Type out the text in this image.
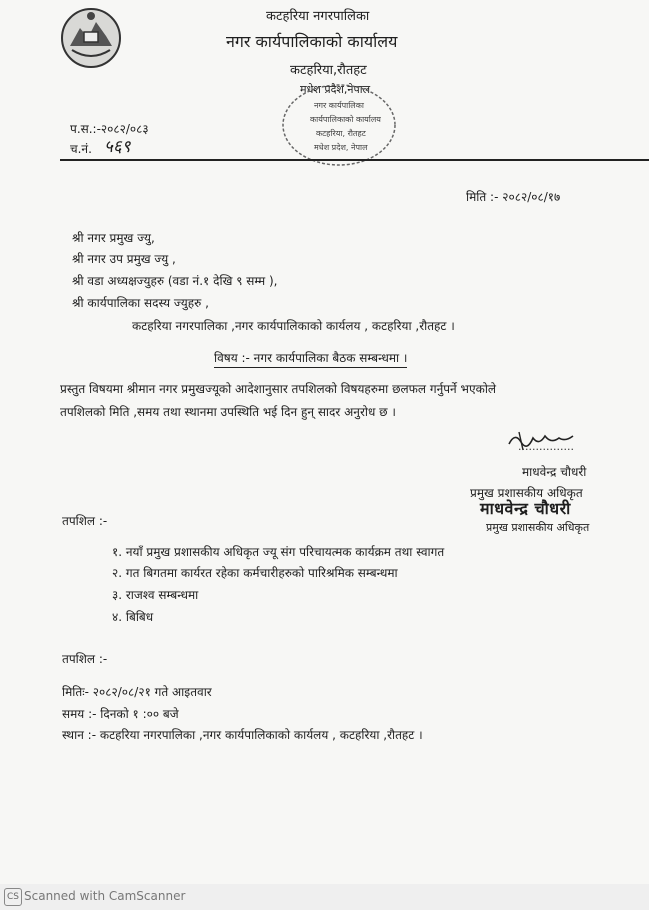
कटहरिया नगरपालिका
नगर कार्यपालिकाको कार्यालय
कटहरिया,रौतहट
मधेश प्रदेश,नेपाल
नगर कार्यपालिका
कार्यपालिकाको कार्यालय
कटहरिया, रौतहट
मधेश प्रदेश, नेपाल
प.स.:-२०८२/०८३
च.नं. ५६९
मिति :- २०८२/०८/१७
श्री नगर प्रमुख ज्यु,
श्री नगर उप प्रमुख ज्यु ,
श्री वडा अध्यक्षज्युहरु (वडा नं.१ देखि ९ सम्म ),
श्री कार्यपालिका सदस्य ज्युहरु ,
कटहरिया नगरपालिका ,नगर कार्यपालिकाको कार्यलय , कटहरिया ,रौतहट ।
विषय :- नगर कार्यपालिका बैठक सम्बन्धमा ।
प्रस्तुत विषयमा श्रीमान नगर प्रमुखज्यूको आदेशानुसार तपशिलको विषयहरुमा छलफल गर्नुपर्ने भएकोले
तपशिलको मिति ,समय तथा स्थानमा उपस्थिति भई दिन हुन् सादर अनुरोध छ ।
................
माधवेन्द्र चौधरी
प्रमुख प्रशासकीय अधिकृत
माधवेन्द्र चौधरी
प्रमुख प्रशासकीय अधिकृत
तपशिल :-
१. नयाँ प्रमुख प्रशासकीय अधिकृत ज्यू संग परिचायत्मक कार्यक्रम तथा स्वागत
२. गत बिगतमा कार्यरत रहेका कर्मचारीहरुको पारिश्रमिक सम्बन्धमा
३. राजश्व सम्बन्धमा
४. बिबिध
तपशिल :-
मितिः- २०८२/०८/२१ गते आइतवार
समय :- दिनको १ :०० बजे
स्थान :- कटहरिया नगरपालिका ,नगर कार्यपालिकाको कार्यलय , कटहरिया ,रौतहट ।
CS Scanned with CamScanner
